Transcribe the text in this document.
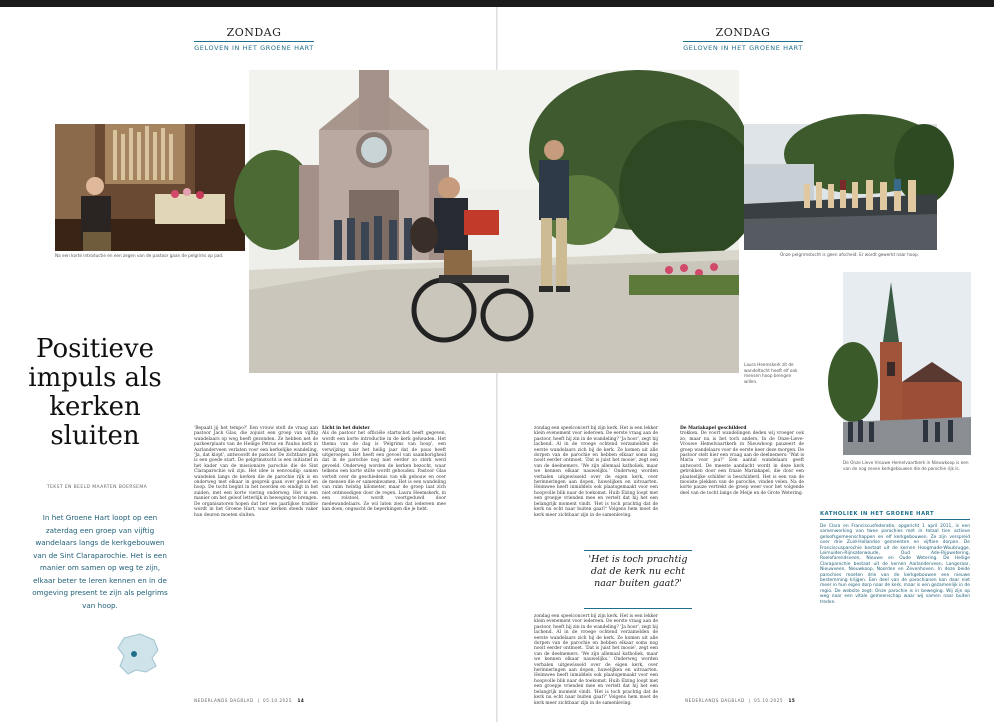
ZONDAG
GELOVEN IN HET GROENE HART
ZONDAG
GELOVEN IN HET GROENE HART
Na een korte introductie en een zegen van de pastoor gaan de pelgrims op pad.
Laura Heemskerk zit de wandeltocht heeft elf ook mensen hoop brengen willen.
Onze pelgrimstocht is geen afscheid. Er wordt gewerkt naar hoop.
De Onze Lieve Vrouwe Hemelvaartkerk in Nieuwkoop is een van de nog zeven kerkgebouwen die de parochie rijk is.
Positieve impuls als kerken sluiten
TEKST EN BEELD MAARTEN BOERSEMA
In het Groene Hart loopt op een zaterdag een groep van vijftig wandelaars langs de kerkgebouwen van de Sint Claraparochie. Het is een manier om samen op weg te zijn, elkaar beter te leren kennen en in de omgeving present te zijn als pelgrims van hoop.
'Bepaalt jij het tempo?' Een vrouw stelt de vraag aan pastoor Jack Glas, die zojuist een groep van vijftig wandelaars op weg heeft gezonden. Ze hebben net de parkeerplaats van de Heilige Petrus en Paulus kerk in Aarlanderveen verlaten voor een kerkelijke wandeling, 'Ja, dat klopt', antwoordt de pastoor. De zichtbare plek is een goede start. De pelgrimstocht is een initiatief in het kader van de missionaire parochie die de Sint Claraparochie wil zijn. Het idee is eenvoudig: samen wandelen langs de kerken die de parochie rijk is en onderweg met elkaar in gesprek gaan over geloof en hoop. De tocht begint in het noorden en eindigt in het zuiden, met een korte viering onderweg. Het is een manier om het geloof letterlijk in beweging te brengen. De organisatoren hopen dat het een jaarlijkse traditie wordt in het Groene Hart, waar kerken steeds vaker hun deuren moeten sluiten.
Licht in het duister
Als de pastoor het officiële startschot heeft gegeven, wordt een korte introductie in de kerk gehouden. Het thema van de dag is 'Pelgrims van hoop', een verwijzing naar het heilig jaar dat de paus heeft uitgeroepen. Het heeft een gevoel van saamhorigheid dat in de parochie nog niet eerder zo sterk werd gevoeld. Onderweg worden de kerken bezocht, waar telkens een korte stilte wordt gehouden. Pastoor Glas vertelt over de geschiedenis van elk gebouw en over de mensen die er samenkwamen. Het is een wandeling van ruim twintig kilometer, maar de groep laat zich niet ontmoedigen door de regen. Laura Heemskerk, in een rolstoel, wordt voortgeduwd door medewandelaars. Ze wil laten zien dat iedereen mee kan doen, ongeacht de beperkingen die je hebt.
zondag een speelconcert bij zijn kerk. Het is een lekker klein evenement voor iedereen. De eerste vraag aan de pastoor, heeft hij zin in de wandeling? 'Ja hoor', zegt hij lachend. Al in de vroege ochtend verzamelden de eerste wandelaars zich bij de kerk. Ze komen uit alle dorpen van de parochie en hebben elkaar soms nog nooit eerder ontmoet. 'Dat is juist het mooie', zegt een van de deelnemers. 'We zijn allemaal katholiek, maar we kennen elkaar nauwelijks.' Onderweg worden verhalen uitgewisseld over de eigen kerk, over herinneringen aan dopen, huwelijken en uitvaarten. Heimwee heeft inmiddels ook plaatsgemaakt voor een hoopvolle blik naar de toekomst. Huib Elzing loopt met een groepje vrienden mee en vertelt dat hij het een belangrijk moment vindt. 'Het is toch prachtig dat de kerk nu echt naar buiten gaat?' Volgens hem moet de kerk meer zichtbaar zijn in de samenleving.
'Het is toch prachtig dat de kerk nu echt naar buiten gaat?'
zondag een speelconcert bij zijn kerk. Het is een lekker klein evenement voor iedereen. De eerste vraag aan de pastoor, heeft hij zin in de wandeling? 'Ja hoor', zegt hij lachend. Al in de vroege ochtend verzamelden de eerste wandelaars zich bij de kerk. Ze komen uit alle dorpen van de parochie en hebben elkaar soms nog nooit eerder ontmoet. 'Dat is juist het mooie', zegt een van de deelnemers. 'We zijn allemaal katholiek, maar we kennen elkaar nauwelijks.' Onderweg worden verhalen uitgewisseld over de eigen kerk, over herinneringen aan dopen, huwelijken en uitvaarten. Heimwee heeft inmiddels ook plaatsgemaakt voor een hoopvolle blik naar de toekomst. Huib Elzing loopt met een groepje vrienden mee en vertelt dat hij het een belangrijk moment vindt. 'Het is toch prachtig dat de kerk nu echt naar buiten gaat?' Volgens hem moet de kerk meer zichtbaar zijn in de samenleving.
De Mariakapel geschilderd
trokken. De voort wandelingen deden wij vroeger ook zo, maar nu is het toch anders. In de Onze-Lieve-Vrouwe Hemelvaartkerk in Nieuwkoop pauzeert de groep wandelaars voor de eerste keer deze morgen. De pastoor stelt hier een vraag aan de deelnemers: 'Wat is Maria voor jou?' Een aantal wandelaars geeft antwoord. De meeste aandacht wordt in deze kerk getrokken door een fraaie Mariakapel, die door een plaatselijke schilder is beschilderd. Het is een van de mooiste plekken van de parochie, vinden velen. Na de korte pauze vertrekt de groep weer voor het volgende deel van de tocht langs de Meije en de Grote Wetering.
KATHOLIEK IN HET GROENE HART
De Clara en Franciscusfederatie, opgericht 1 april 2011, is een samenwerking van twee parochies met in totaal tien actieve geloofsgemeenschappen en elf kerkgebouwen. Ze zijn verspreid over drie Zuid-Hollandse gemeenten en vijftien dorpen. De Franciscusparochie bestaat uit de kernen Hoogmade-Woubrugge, Leimuiden-Rijnsaterwoude, Oud Ade-Rijpwetering, Roelofarendsveen, Nieuwe en Oude Wetering. De Heilige Claraparochie bestaat uit de kernen Aarlanderveen, Langeraar, Nieuwveen, Nieuwkoop, Noorden en Zevenhoven. In deze beide parochies moeten drie van de kerkgebouwen een nieuwe bestemming krijgen. Een deel van de parochianen kan daar niet meer in hun eigen dorp naar de kerk, maar is een gezamenlijk in de regio. De website zegt: Onze parochie is in beweging. Wij zijn op weg naar een vitale gemeenschap waar wij samen naar buiten treden.
NEDERLANDS DAGBLAD  |  05.10.2025 14	NEDERLANDS DAGBLAD  |  05.10.2025 15
